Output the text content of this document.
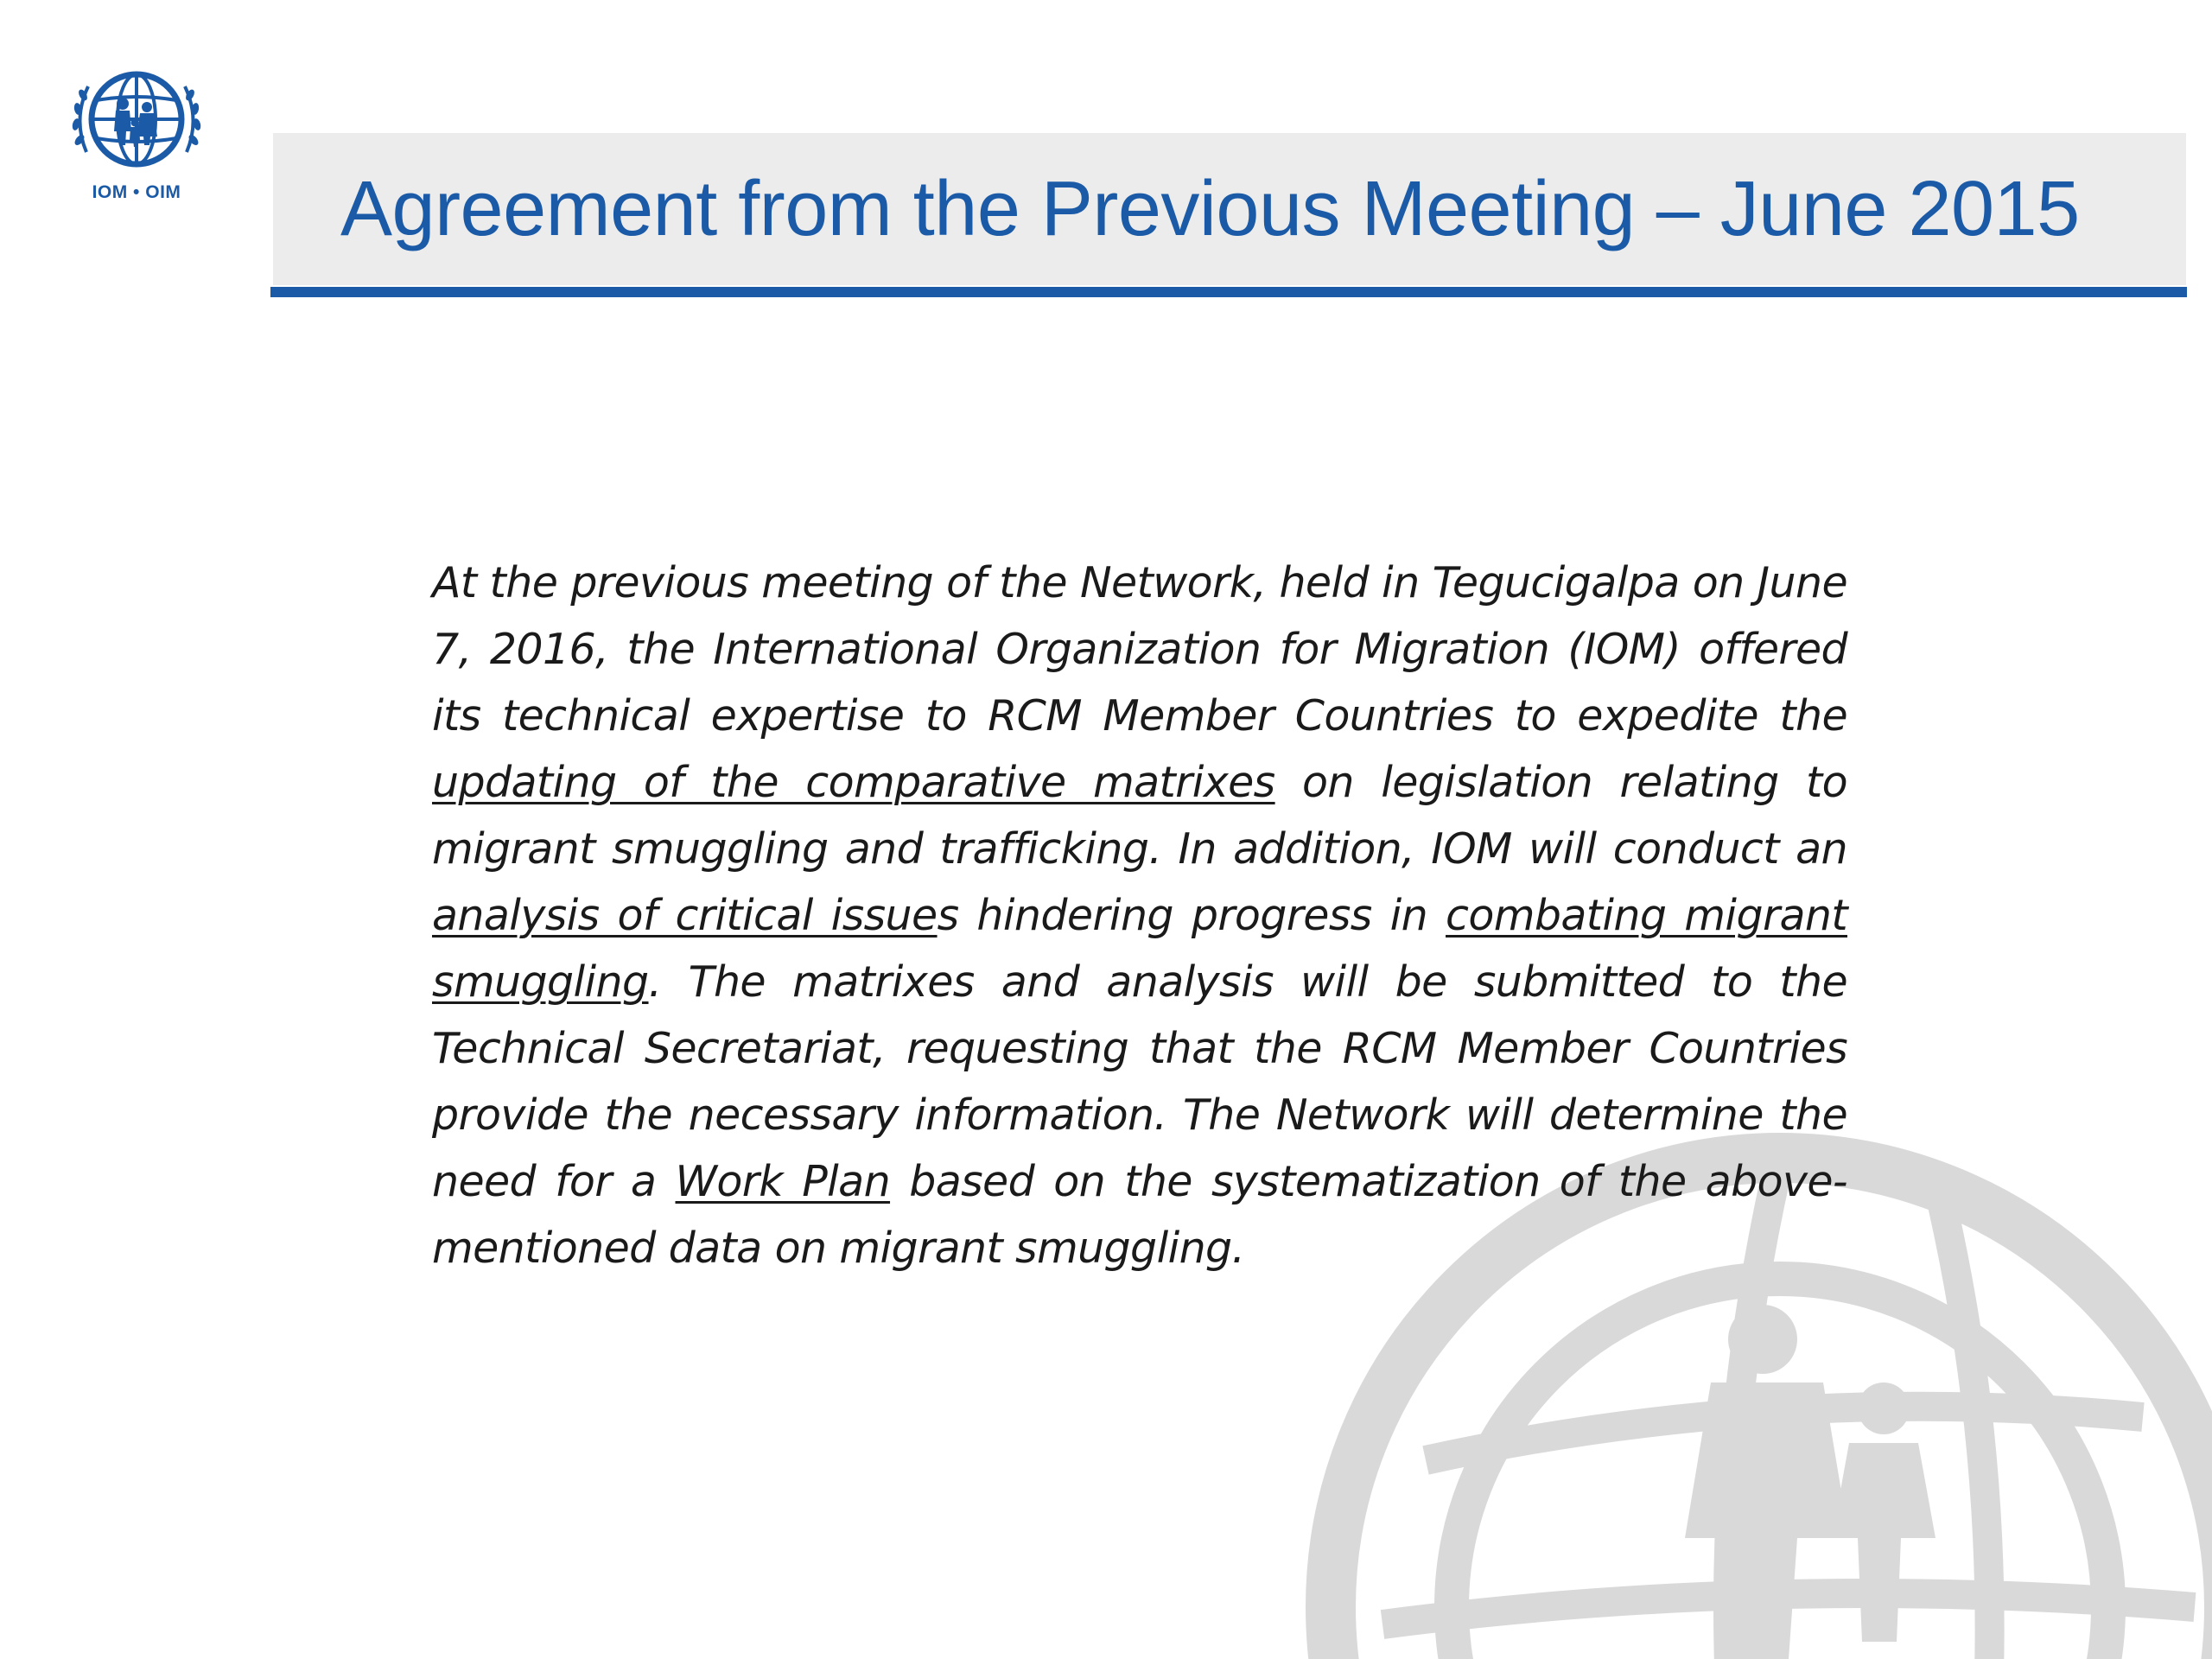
IOM • OIM	Agreement from the Previous Meeting – June 2015

At the previous meeting of the Network, held in Tegucigalpa on June 7, 2016, the International Organization for Migration (IOM) offered its technical expertise to RCM Member Countries to expedite the updating of the comparative matrixes on legislation relating to migrant smuggling and trafficking. In addition, IOM will conduct an analysis of critical issues hindering progress in combating migrant smuggling. The matrixes and analysis will be submitted to the Technical Secretariat, requesting that the RCM Member Countries provide the necessary information. The Network will determine the need for a Work Plan based on the systematization of the above-mentioned data on migrant smuggling.
